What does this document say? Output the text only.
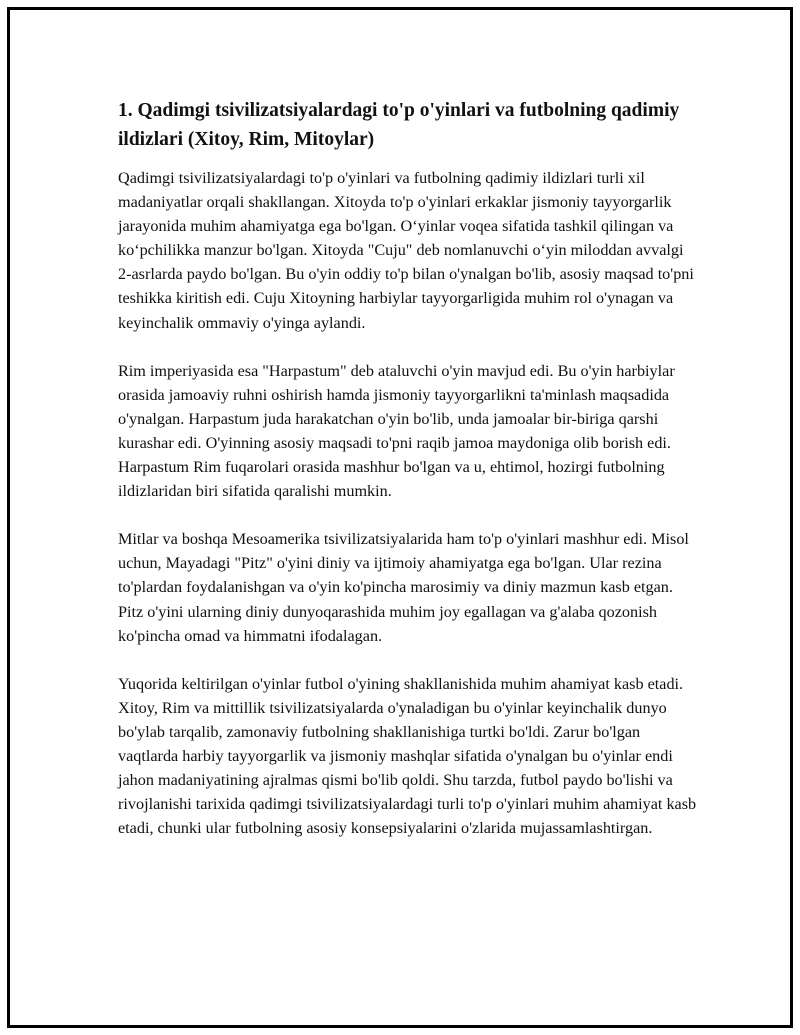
1. Qadimgi tsivilizatsiyalardagi to'p o'yinlari va futbolning qadimiy ildizlari (Xitoy, Rim, Mitoylar)

Qadimgi tsivilizatsiyalardagi to'p o'yinlari va futbolning qadimiy ildizlari turli xil madaniyatlar orqali shakllangan. Xitoyda to'p o'yinlari erkaklar jismoniy tayyorgarlik jarayonida muhim ahamiyatga ega bo'lgan. O‘yinlar voqea sifatida tashkil qilingan va ko‘pchilikka manzur bo'lgan. Xitoyda "Cuju" deb nomlanuvchi o‘yin miloddan avvalgi 2-asrlarda paydo bo'lgan. Bu o'yin oddiy to'p bilan o'ynalgan bo'lib, asosiy maqsad to'pni teshikka kiritish edi. Cuju Xitoyning harbiylar tayyorgarligida muhim rol o'ynagan va keyinchalik ommaviy o'yinga aylandi.

Rim imperiyasida esa "Harpastum" deb ataluvchi o'yin mavjud edi. Bu o'yin harbiylar orasida jamoaviy ruhni oshirish hamda jismoniy tayyorgarlikni ta'minlash maqsadida o'ynalgan. Harpastum juda harakatchan o'yin bo'lib, unda jamoalar bir-biriga qarshi kurashar edi. O'yinning asosiy maqsadi to'pni raqib jamoa maydoniga olib borish edi. Harpastum Rim fuqarolari orasida mashhur bo'lgan va u, ehtimol, hozirgi futbolning ildizlaridan biri sifatida qaralishi mumkin.

Mitlar va boshqa Mesoamerika tsivilizatsiyalarida ham to'p o'yinlari mashhur edi. Misol uchun, Mayadagi "Pitz" o'yini diniy va ijtimoiy ahamiyatga ega bo'lgan. Ular rezina to'plardan foydalanishgan va o'yin ko'pincha marosimiy va diniy mazmun kasb etgan. Pitz o'yini ularning diniy dunyoqarashida muhim joy egallagan va g'alaba qozonish ko'pincha omad va himmatni ifodalagan.

Yuqorida keltirilgan o'yinlar futbol o'yining shakllanishida muhim ahamiyat kasb etadi. Xitoy, Rim va mittillik tsivilizatsiyalarda o'ynaladigan bu o'yinlar keyinchalik dunyo bo'ylab tarqalib, zamonaviy futbolning shakllanishiga turtki bo'ldi. Zarur bo'lgan vaqtlarda harbiy tayyorgarlik va jismoniy mashqlar sifatida o'ynalgan bu o'yinlar endi jahon madaniyatining ajralmas qismi bo'lib qoldi. Shu tarzda, futbol paydo bo'lishi va rivojlanishi tarixida qadimgi tsivilizatsiyalardagi turli to'p o'yinlari muhim ahamiyat kasb etadi, chunki ular futbolning asosiy konsepsiyalarini o'zlarida mujassamlashtirgan.
